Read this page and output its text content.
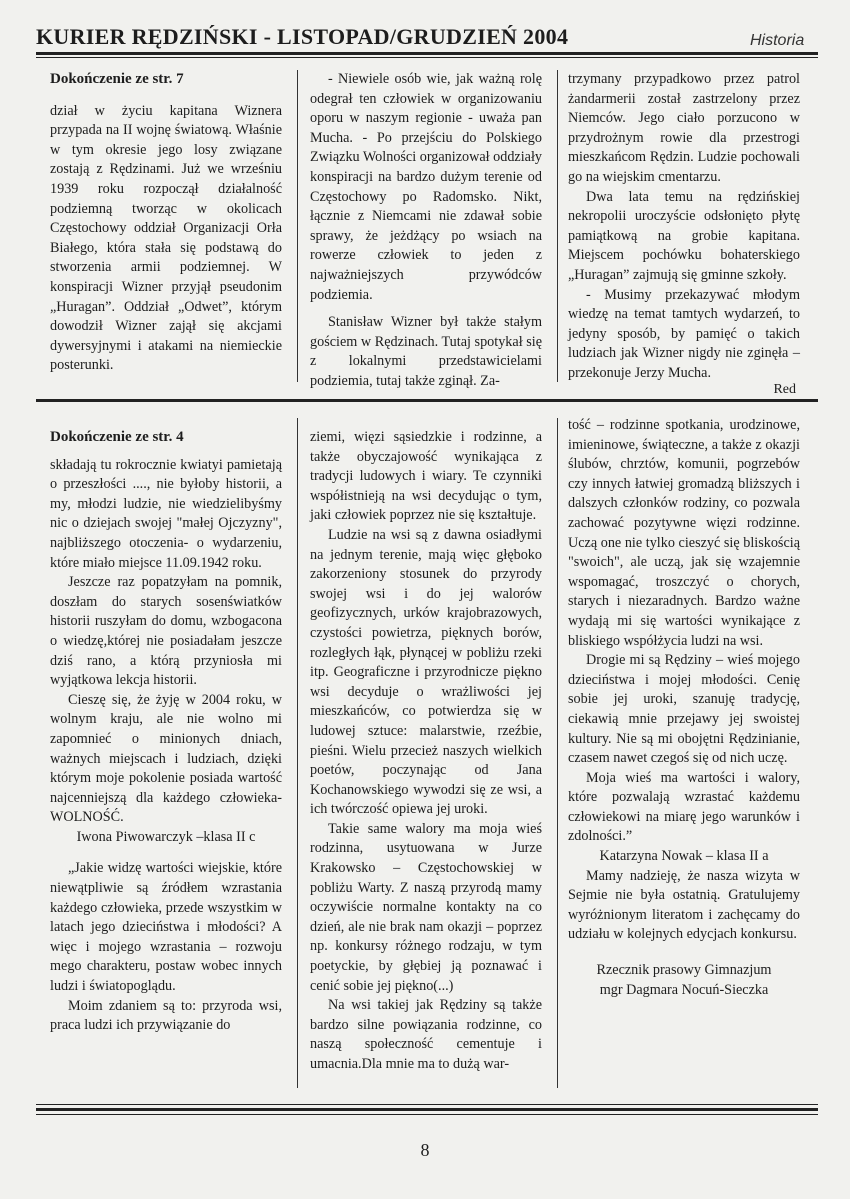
KURIER RĘDZIŃSKI - LISTOPAD/GRUDZIEŃ 2004	Historia

Dokończenie ze str. 7

dział w życiu kapitana Wiznera przypada na II wojnę światową. Właśnie w tym okresie jego losy związane zostają z Rędzinami. Już we wrześniu 1939 roku rozpoczął działalność podziemną tworząc w okolicach Częstochowy oddział Organizacji Orła Białego, która stała się podstawą do stworzenia armii podziemnej. W konspiracji Wizner przyjął pseudonim „Huragan”. Oddział „Odwet”, którym dowodził Wizner zajął się akcjami dywersyjnymi i atakami na niemieckie posterunki.

- Niewiele osób wie, jak ważną rolę odegrał ten człowiek w organizowaniu oporu w naszym regionie - uważa pan Mucha. - Po przejściu do Polskiego Związku Wolności organizował oddziały konspiracji na bardzo dużym terenie od Częstochowy po Radomsko. Nikt, łącznie z Niemcami nie zdawał sobie sprawy, że jeżdżący po wsiach na rowerze człowiek to jeden z najważniejszych przywódców podziemia.

Stanisław Wizner był także stałym gościem w Rędzinach. Tutaj spotykał się z lokalnymi przedstawicielami podziemia, tutaj także zginął. Za-

trzymany przypadkowo przez patrol żandarmerii został zastrzelony przez Niemców. Jego ciało porzucono w przydrożnym rowie dla przestrogi mieszkańcom Rędzin. Ludzie pochowali go na wiejskim cmentarzu.

Dwa lata temu na rędzińskiej nekropolii uroczyście odsłonięto płytę pamiątkową na grobie kapitana. Miejscem pochówku bohaterskiego „Huragan” zajmują się gminne szkoły.

- Musimy przekazywać młodym wiedzę na temat tamtych wydarzeń, to jedyny sposób, by pamięć o takich ludziach jak Wizner nigdy nie zginęła – przekonuje Jerzy Mucha.

Red

Dokończenie ze str. 4

składają tu rokrocznie kwiatyi pamietają o przeszłości ...., nie byłoby historii, a my, młodzi ludzie, nie wiedzielibyśmy nic o dziejach swojej "małej Ojczyzny", najbliższego otoczenia- o wydarzeniu, które miało miejsce 11.09.1942 roku.

Jeszcze raz popatzyłam na pomnik, doszłam do starych sosenświatków historii ruszyłam do domu, wzbogacona o wiedzę,której nie posiadałam jeszcze dziś rano, a którą przyniosła mi wyjątkowa lekcja historii.

Cieszę się, że żyję w 2004 roku, w wolnym kraju, ale nie wolno mi zapomnieć o minionych dniach, ważnych miejscach i ludziach, dzięki którym moje pokolenie posiada wartość najcenniejszą dla każdego człowieka- WOLNOŚĆ.

Iwona Piwowarczyk –klasa II c

„Jakie widzę wartości wiejskie, które niewątpliwie są źródłem wzrastania każdego człowieka, przede wszystkim w latach jego dzieciństwa i młodości? A więc i mojego wzrastania – rozwoju mego charakteru, postaw wobec innych ludzi i światopoglądu.

Moim zdaniem są to: przyroda wsi, praca ludzi ich przywiązanie do

ziemi, więzi sąsiedzkie i rodzinne, a także obyczajowość wynikająca z tradycji ludowych i wiary. Te czynniki współistnieją na wsi decydując o tym, jaki człowiek poprzez nie się kształtuje.

Ludzie na wsi są z dawna osiadłymi na jednym terenie, mają więc głęboko zakorzeniony stosunek do przyrody swojej wsi i do jej walorów geofizycznych, urków krajobrazowych, czystości powietrza, pięknych borów, rozległych łąk, płynącej w pobliżu rzeki itp. Geograficzne i przyrodnicze piękno wsi decyduje o wrażliwości jej mieszkańców, co potwierdza się w ludowej sztuce: malarstwie, rzeźbie, pieśni. Wielu przecież naszych wielkich poetów, poczynając od Jana Kochanowskiego wywodzi się ze wsi, a ich twórczość opiewa jej uroki.

Takie same walory ma moja wieś rodzinna, usytuowana w Jurze Krakowsko – Częstochowskiej w pobliżu Warty. Z naszą przyrodą mamy oczywiście normalne kontakty na co dzień, ale nie brak nam okazji – poprzez np. konkursy różnego rodzaju, w tym poetyckie, by głębiej ją poznawać i cenić sobie jej piękno(...)

Na wsi takiej jak Rędziny są także bardzo silne powiązania rodzinne, co naszą społeczność cementuje i umacnia.Dla mnie ma to dużą war-

tość – rodzinne spotkania, urodzinowe, imieninowe, świąteczne, a także z okazji ślubów, chrztów, komunii, pogrzebów czy innych łatwiej gromadzą bliższych i dalszych członków rodziny, co pozwala zachować pozytywne więzi rodzinne. Uczą one nie tylko cieszyć się bliskością "swoich", ale uczą, jak się wzajemnie wspomagać, troszczyć o chorych, starych i niezaradnych. Bardzo ważne wydają mi się wartości wynikające z bliskiego współżycia ludzi na wsi.

Drogie mi są Rędziny – wieś mojego dzieciństwa i mojej młodości. Cenię sobie jej uroki, szanuję tradycję, ciekawią mnie przejawy jej swoistej kultury. Nie są mi obojętni Rędzinianie, czasem nawet czegoś się od nich uczę.

Moja wieś ma wartości i walory, które pozwalają wzrastać każdemu człowiekowi na miarę jego warunków i zdolności.”

Katarzyna Nowak – klasa II a

Mamy nadzieję, że nasza wizyta w Sejmie nie była ostatnią. Gratulujemy wyróżnionym literatom i zachęcamy do udziału w kolejnych edycjach konkursu.

Rzecznik prasowy Gimnazjum

mgr Dagmara Nocuń-Sieczka

8
